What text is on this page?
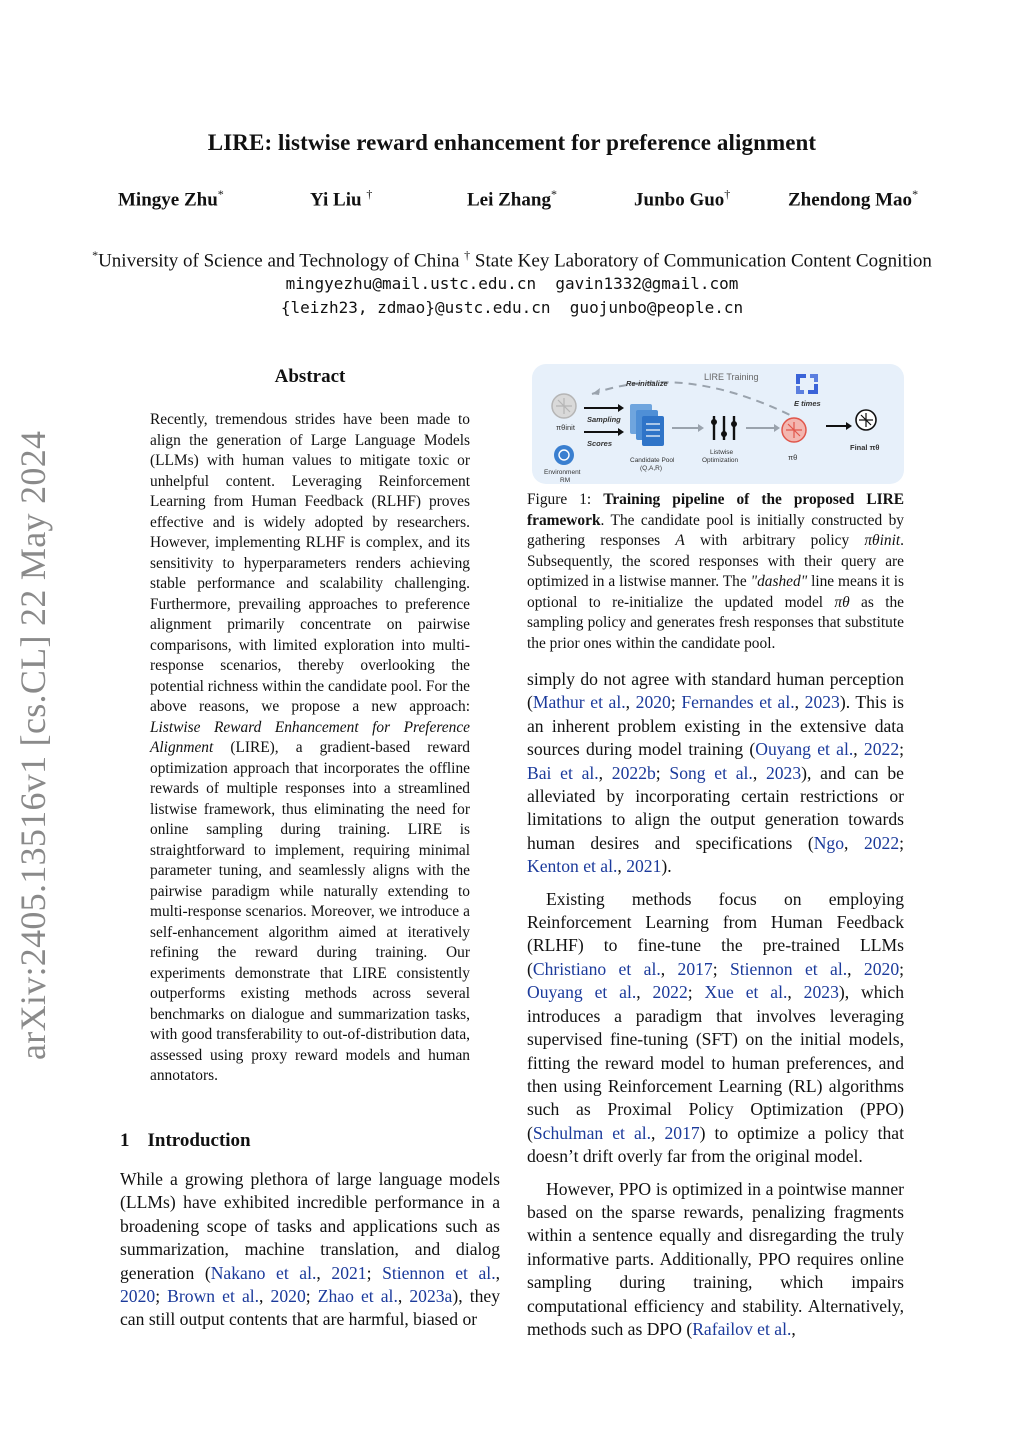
LIRE: listwise reward enhancement for preference alignment
Mingye Zhu*	Yi Liu †	Lei Zhang*	Junbo Guo†	Zhendong Mao*
*University of Science and Technology of China † State Key Laboratory of Communication Content Cognition
mingyezhu@mail.ustc.edu.cn  gavin1332@gmail.com
{leizh23, zdmao}@ustc.edu.cn  guojunbo@people.cn
arXiv:2405.13516v1 [cs.CL] 22 May 2024
Abstract
Recently, tremendous strides have been made to align the generation of Large Language Models (LLMs) with human values to mitigate toxic or unhelpful content. Leveraging Reinforcement Learning from Human Feedback (RLHF) proves effective and is widely adopted by researchers. However, implementing RLHF is complex, and its sensitivity to hyperparameters renders achieving stable performance and scalability challenging. Furthermore, prevailing approaches to preference alignment primarily concentrate on pairwise comparisons, with limited exploration into multi-response scenarios, thereby overlooking the potential richness within the candidate pool. For the above reasons, we propose a new approach: Listwise Reward Enhancement for Preference Alignment (LIRE), a gradient-based reward optimization approach that incorporates the offline rewards of multiple responses into a streamlined listwise framework, thus eliminating the need for online sampling during training. LIRE is straightforward to implement, requiring minimal parameter tuning, and seamlessly aligns with the pairwise paradigm while naturally extending to multi-response scenarios. Moreover, we introduce a self-enhancement algorithm aimed at iteratively refining the reward during training. Our experiments demonstrate that LIRE consistently outperforms existing methods across several benchmarks on dialogue and summarization tasks, with good transferability to out-of-distribution data, assessed using proxy reward models and human annotators.
1 Introduction
While a growing plethora of large language models (LLMs) have exhibited incredible performance in a broadening scope of tasks and applications such as summarization, machine translation, and dialog generation (Nakano et al., 2021; Stiennon et al., 2020; Brown et al., 2020; Zhao et al., 2023a), they can still output contents that are harmful, biased or
Re-initialize
LIRE Training
πθinit
Sampling
Scores
Environment
RM
Candidate Pool
(Q,A,R)
Listwise
Optimization	πθ
E times
Final πθ
Figure 1: Training pipeline of the proposed LIRE framework. The candidate pool is initially constructed by gathering responses A with arbitrary policy πθinit. Subsequently, the scored responses with their query are optimized in a listwise manner. The "dashed" line means it is optional to re-initialize the updated model πθ as the sampling policy and generates fresh responses that substitute the prior ones within the candidate pool.

simply do not agree with standard human perception (Mathur et al., 2020; Fernandes et al., 2023). This is an inherent problem existing in the extensive data sources during model training (Ouyang et al., 2022; Bai et al., 2022b; Song et al., 2023), and can be alleviated by incorporating certain restrictions or limitations to align the output generation towards human desires and specifications (Ngo, 2022; Kenton et al., 2021).

Existing methods focus on employing Reinforcement Learning from Human Feedback (RLHF) to fine-tune the pre-trained LLMs (Christiano et al., 2017; Stiennon et al., 2020; Ouyang et al., 2022; Xue et al., 2023), which introduces a paradigm that involves leveraging supervised fine-tuning (SFT) on the initial models, fitting the reward model to human preferences, and then using Reinforcement Learning (RL) algorithms such as Proximal Policy Optimization (PPO) (Schulman et al., 2017) to optimize a policy that doesn’t drift overly far from the original model.

However, PPO is optimized in a pointwise manner based on the sparse rewards, penalizing fragments within a sentence equally and disregarding the truly informative parts. Additionally, PPO requires online sampling during training, which impairs computational efficiency and stability. Alternatively, methods such as DPO (Rafailov et al.,
